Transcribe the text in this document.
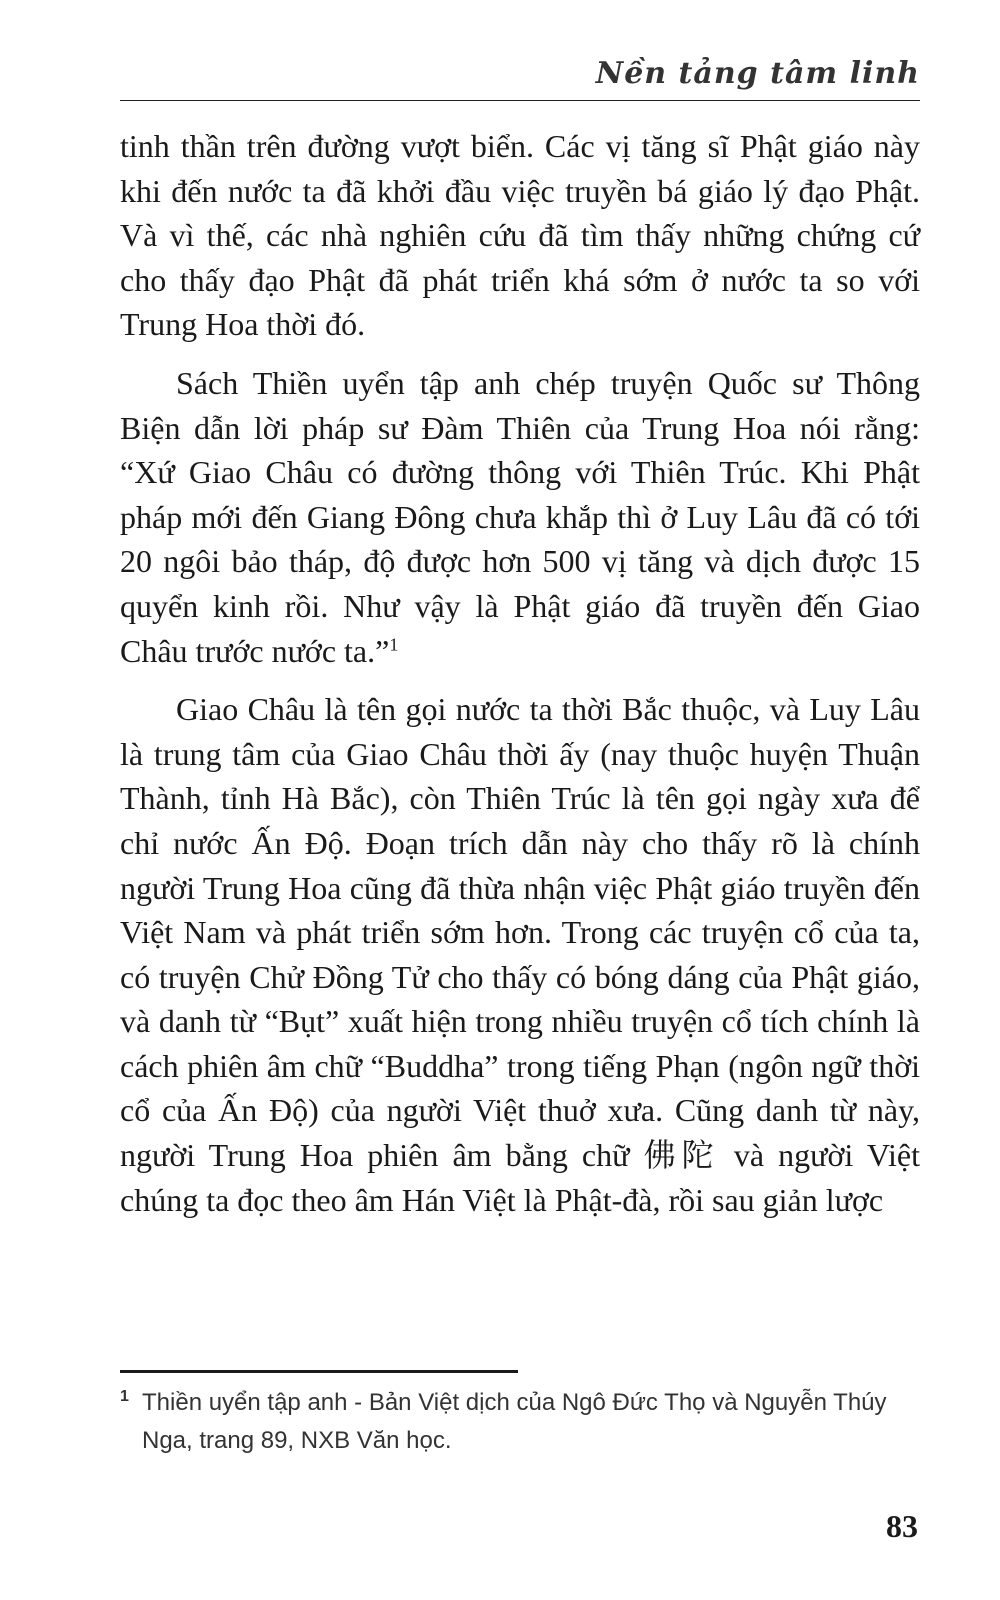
Nền tảng tâm linh

tinh thần trên đường vượt biển. Các vị tăng sĩ Phật giáo này khi đến nước ta đã khởi đầu việc truyền bá giáo lý đạo Phật. Và vì thế, các nhà nghiên cứu đã tìm thấy những chứng cứ cho thấy đạo Phật đã phát triển khá sớm ở nước ta so với Trung Hoa thời đó.

Sách Thiền uyển tập anh chép truyện Quốc sư Thông Biện dẫn lời pháp sư Đàm Thiên của Trung Hoa nói rằng: “Xứ Giao Châu có đường thông với Thiên Trúc. Khi Phật pháp mới đến Giang Đông chưa khắp thì ở Luy Lâu đã có tới 20 ngôi bảo tháp, độ được hơn 500 vị tăng và dịch được 15 quyển kinh rồi. Như vậy là Phật giáo đã truyền đến Giao Châu trước nước ta.”$^1$

Giao Châu là tên gọi nước ta thời Bắc thuộc, và Luy Lâu là trung tâm của Giao Châu thời ấy (nay thuộc huyện Thuận Thành, tỉnh Hà Bắc), còn Thiên Trúc là tên gọi ngày xưa để chỉ nước Ấn Độ. Đoạn trích dẫn này cho thấy rõ là chính người Trung Hoa cũng đã thừa nhận việc Phật giáo truyền đến Việt Nam và phát triển sớm hơn. Trong các truyện cổ của ta, có truyện Chử Đồng Tử cho thấy có bóng dáng của Phật giáo, và danh từ “Bụt” xuất hiện trong nhiều truyện cổ tích chính là cách phiên âm chữ “Buddha” trong tiếng Phạn (ngôn ngữ thời cổ của Ấn Độ) của người Việt thuở xưa. Cũng danh từ này, người Trung Hoa phiên âm bằng chữ 佛陀 và người Việt chúng ta đọc theo âm Hán Việt là Phật-đà, rồi sau giản lược

1 Thiền uyển tập anh - Bản Việt dịch của Ngô Đức Thọ và Nguyễn Thúy Nga, trang 89, NXB Văn học.
83
